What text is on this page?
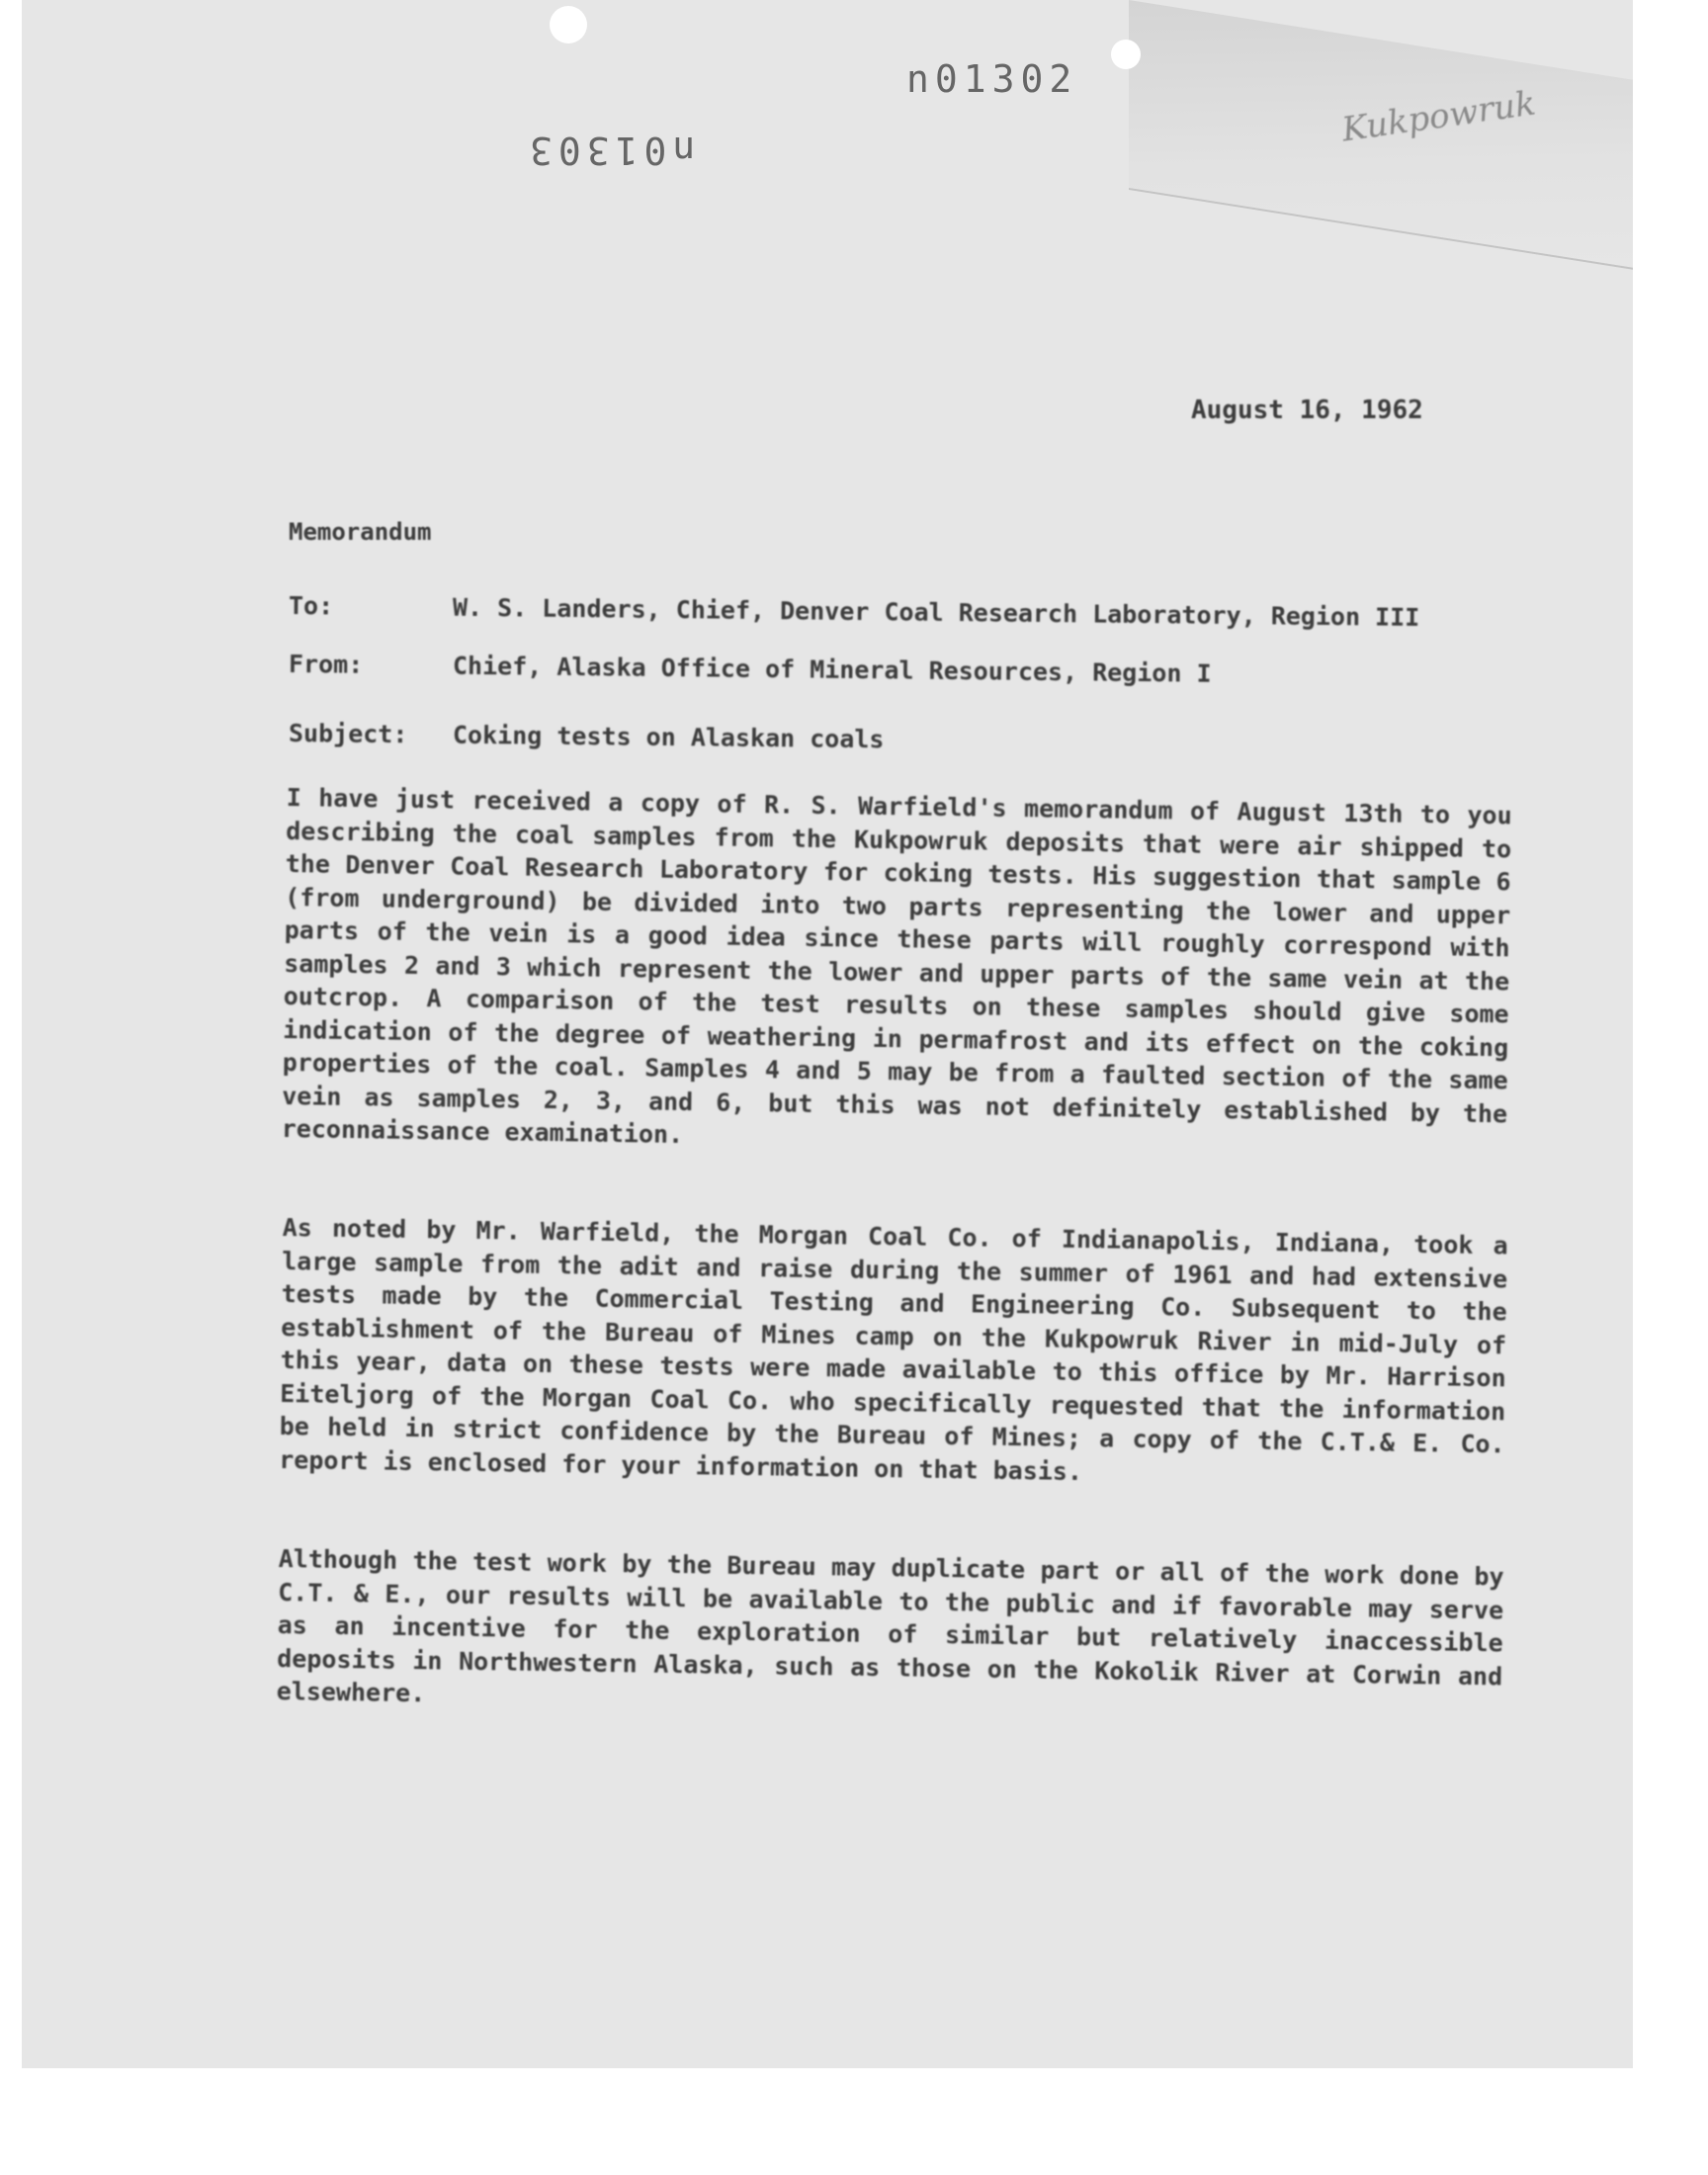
n01302
n01303
Kukpowruk
August 16, 1962
Memorandum
To:	W. S. Landers, Chief, Denver Coal Research Laboratory, Region III
From:	Chief, Alaska Office of Mineral Resources, Region I
Subject: Coking tests on Alaskan coals
I have just received a copy of R. S. Warfield's memorandum of August 13th to you describing the coal samples from the Kukpowruk deposits that were air shipped to the Denver Coal Research Laboratory for coking tests. His suggestion that sample 6 (from underground) be divided into two parts representing the lower and upper parts of the vein is a good idea since these parts will roughly correspond with samples 2 and 3 which represent the lower and upper parts of the same vein at the outcrop. A comparison of the test results on these samples should give some indication of the degree of weathering in permafrost and its effect on the coking properties of the coal. Samples 4 and 5 may be from a faulted section of the same vein as samples 2, 3, and 6, but this was not definitely established by the reconnaissance examination.
As noted by Mr. Warfield, the Morgan Coal Co. of Indianapolis, Indiana, took a large sample from the adit and raise during the summer of 1961 and had extensive tests made by the Commercial Testing and Engineering Co. Subsequent to the establishment of the Bureau of Mines camp on the Kukpowruk River in mid-July of this year, data on these tests were made available to this office by Mr. Harrison Eiteljorg of the Morgan Coal Co. who specifically requested that the information be held in strict confidence by the Bureau of Mines; a copy of the C.T.& E. Co. report is enclosed for your information on that basis.
Although the test work by the Bureau may duplicate part or all of the work done by C.T. & E., our results will be available to the public and if favorable may serve as an incentive for the exploration of similar but relatively inaccessible deposits in Northwestern Alaska, such as those on the Kokolik River at Corwin and elsewhere.
